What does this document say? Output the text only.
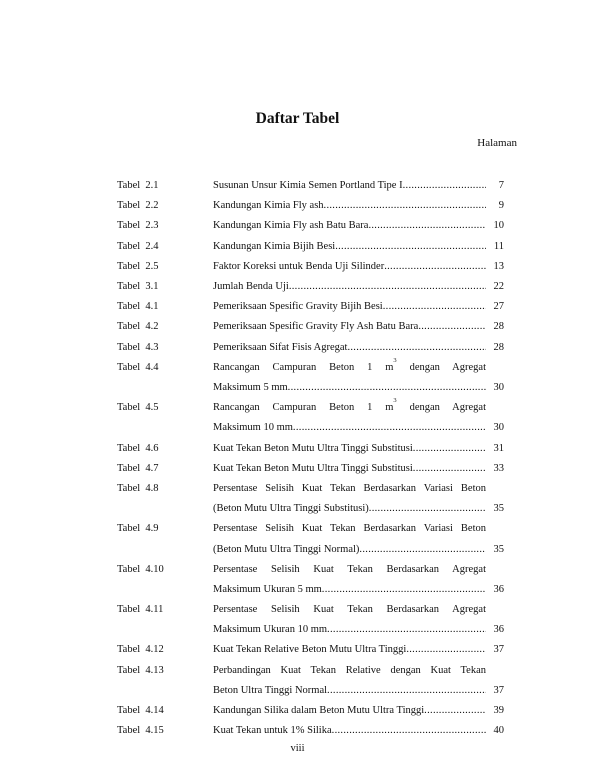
Daftar Tabel
Halaman
Tabel  2.1	Susunan Unsur Kimia Semen Portland Tipe I .....	7
Tabel  2.2	Kandungan Kimia Fly ash .....	9
Tabel  2.3	Kandungan Kimia Fly ash Batu Bara .....	10
Tabel  2.4	Kandungan Kimia Bijih Besi .....	11
Tabel  2.5	Faktor Koreksi untuk Benda Uji Silinder .....	13
Tabel  3.1	Jumlah Benda Uji .....	22
Tabel  4.1	Pemeriksaan Spesific Gravity Bijih Besi .....	27
Tabel  4.2	Pemeriksaan Spesific Gravity Fly Ash Batu Bara .....	28
Tabel  4.3	Pemeriksaan Sifat Fisis Agregat .....	28
Tabel  4.4	Rancangan Campuran Beton 1 $m^3$ dengan Agregat
Maksimum 5 mm .....	30
Tabel  4.5	Rancangan Campuran Beton 1 $m^3$ dengan Agregat
Maksimum 10 mm .....	30
Tabel  4.6	Kuat Tekan Beton Mutu Ultra Tinggi Substitusi .....	31
Tabel  4.7	Kuat Tekan Beton Mutu Ultra Tinggi Substitusi .....	33
Tabel  4.8	Persentase Selisih Kuat Tekan Berdasarkan Variasi Beton
(Beton Mutu Ultra Tinggi Substitusi) .....	35
Tabel  4.9	Persentase Selisih Kuat Tekan Berdasarkan Variasi Beton
(Beton Mutu Ultra Tinggi Normal) .....	35
Tabel  4.10	Persentase Selisih Kuat Tekan Berdasarkan Agregat
Maksimum Ukuran 5 mm .....	36
Tabel  4.11	Persentase Selisih Kuat Tekan Berdasarkan Agregat
Maksimum Ukuran 10 mm .....	36
Tabel  4.12	Kuat Tekan Relative Beton Mutu Ultra Tinggi .....	37
Tabel  4.13	Perbandingan Kuat Tekan Relative dengan Kuat Tekan
Beton Ultra Tinggi Normal .....	37
Tabel  4.14	Kandungan Silika dalam Beton Mutu Ultra Tinggi .....	39
Tabel  4.15	Kuat Tekan untuk 1% Silika .....	40
viii
